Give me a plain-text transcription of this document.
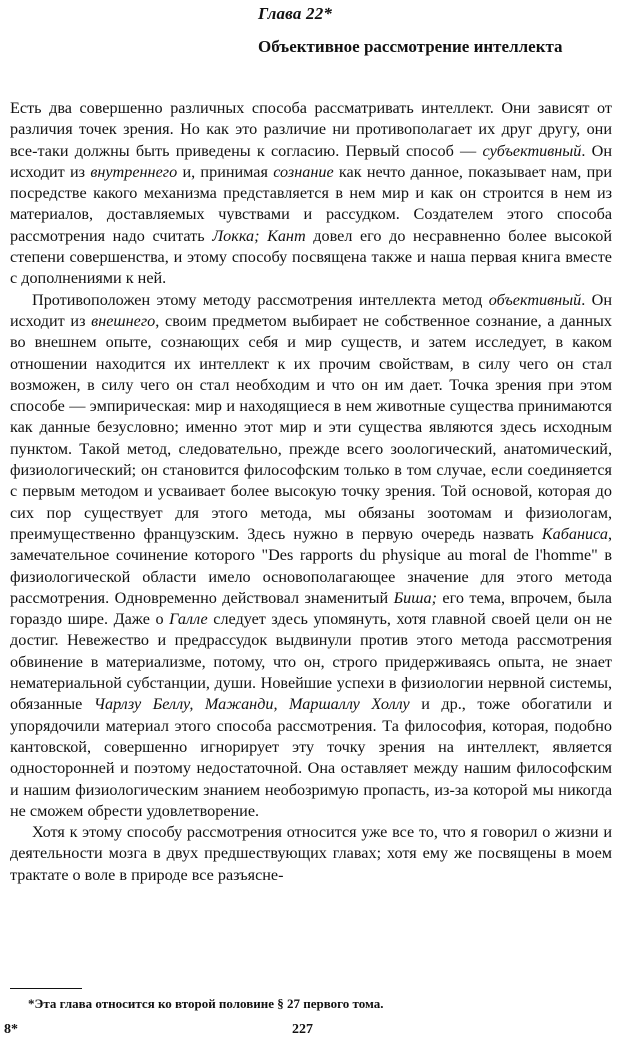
Глава 22*
Объективное рассмотрение интеллекта

Есть два совершенно различных способа рассматривать интеллект. Они зависят от различия точек зрения. Но как это различие ни противополагает их друг другу, они все-таки должны быть приведены к согласию. Первый способ — субъективный. Он исходит из внутреннего и, принимая сознание как нечто данное, показывает нам, при посредстве какого механизма представляется в нем мир и как он строится в нем из материалов, доставляемых чувствами и рассудком. Создателем этого способа рассмотрения надо считать Локка; Кант довел его до несравненно более высокой степени совершенства, и этому способу посвящена также и наша первая книга вместе с дополнениями к ней.

Противоположен этому методу рассмотрения интеллекта метод объективный. Он исходит из внешнего, своим предметом выбирает не собственное сознание, а данных во внешнем опыте, сознающих себя и мир существ, и затем исследует, в каком отношении находится их интеллект к их прочим свойствам, в силу чего он стал возможен, в силу чего он стал необходим и что он им дает. Точка зрения при этом способе — эмпирическая: мир и находящиеся в нем животные существа принимаются как данные безусловно; именно этот мир и эти существа являются здесь исходным пунктом. Такой метод, следовательно, прежде всего зоологический, анатомический, физиологический; он становится философским только в том случае, если соединяется с первым методом и усваивает более высокую точку зрения. Той основой, которая до сих пор существует для этого метода, мы обязаны зоотомам и физиологам, преимущественно французским. Здесь нужно в первую очередь назвать Кабаниса, замечательное сочинение которого "Des rapports du physique au moral de l'homme" в физиологической области имело основополагающее значение для этого метода рассмотрения. Одновременно действовал знаменитый Биша; его тема, впрочем, была гораздо шире. Даже о Галле следует здесь упомянуть, хотя главной своей цели он не достиг. Невежество и предрассудок выдвинули против этого метода рассмотрения обвинение в материализме, потому, что он, строго придерживаясь опыта, не знает нематериальной субстанции, души. Новейшие успехи в физиологии нервной системы, обязанные Чарлзу Беллу, Мажанди, Маршаллу Холлу и др., тоже обогатили и упорядочили материал этого способа рассмотрения. Та философия, которая, подобно кантовской, совершенно игнорирует эту точку зрения на интеллект, является односторонней и поэтому недостаточной. Она оставляет между нашим философским и нашим физиологическим знанием необозримую пропасть, из-за которой мы никогда не сможем обрести удовлетворение.

Хотя к этому способу рассмотрения относится уже все то, что я говорил о жизни и деятельности мозга в двух предшествующих главах; хотя ему же посвящены в моем трактате о воле в природе все разъясне-

*Эта глава относится ко второй половине § 27 первого тома.
8*	227
